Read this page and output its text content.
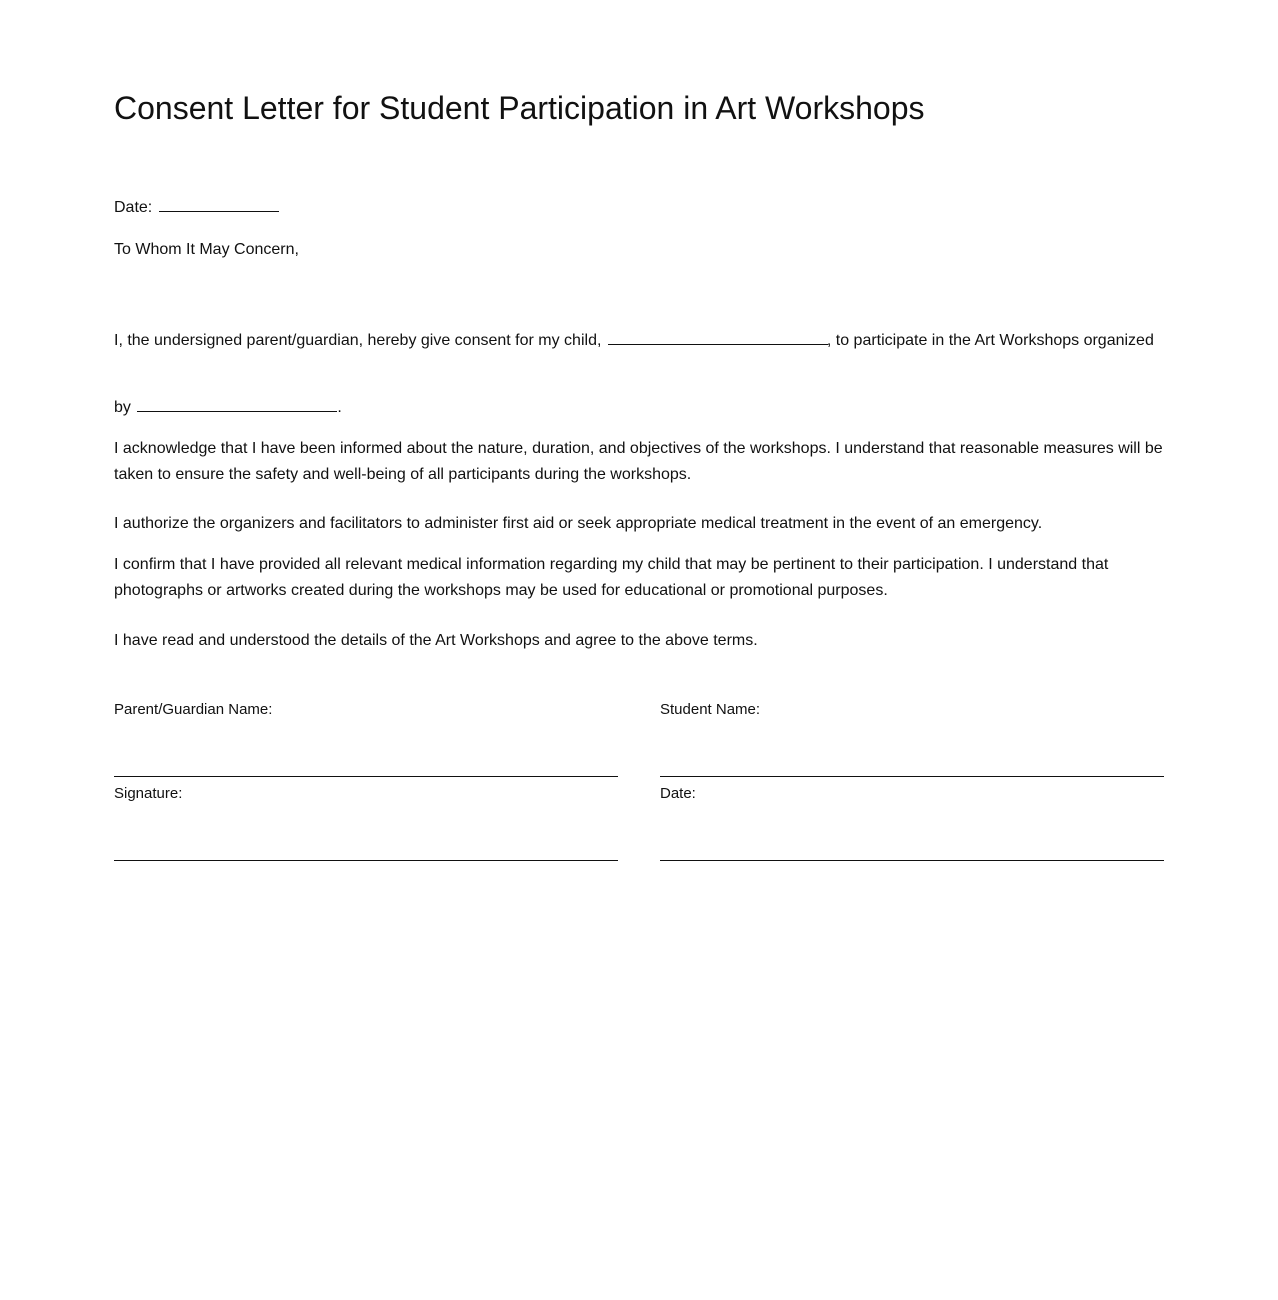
Consent Letter for Student Participation in Art Workshops
Date:
To Whom It May Concern,
I, the undersigned parent/guardian, hereby give consent for my child,	, to participate in the Art Workshops organized
by	.

I acknowledge that I have been informed about the nature, duration, and objectives of the workshops. I understand that reasonable measures will be taken to ensure the safety and well-being of all participants during the workshops.

I authorize the organizers and facilitators to administer first aid or seek appropriate medical treatment in the event of an emergency.

I confirm that I have provided all relevant medical information regarding my child that may be pertinent to their participation. I understand that photographs or artworks created during the workshops may be used for educational or promotional purposes.

I have read and understood the details of the Art Workshops and agree to the above terms.

Parent/Guardian Name:	Student Name:
Signature:	Date:
